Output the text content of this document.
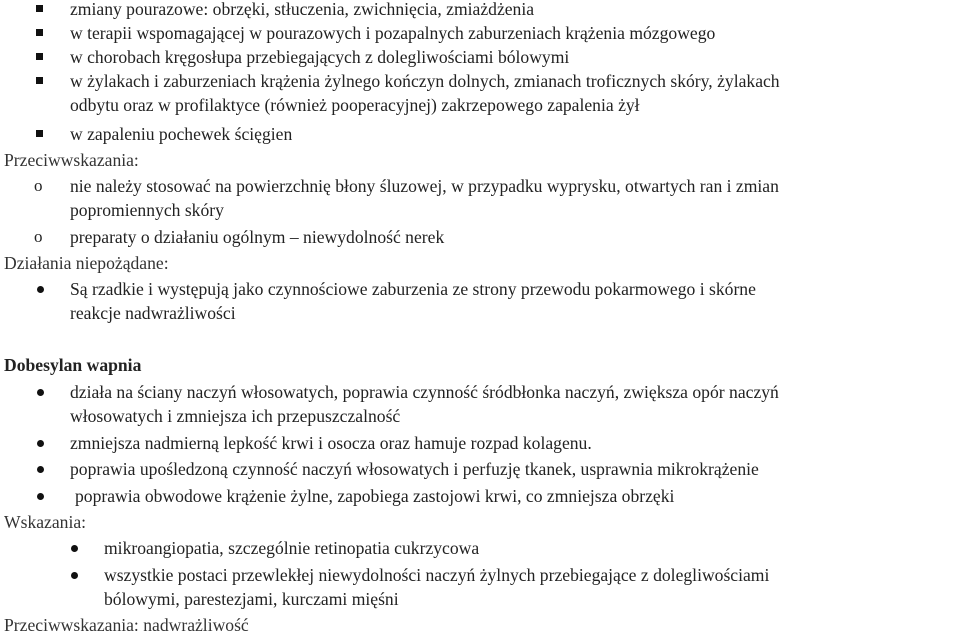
zmiany pourazowe: obrzęki, stłuczenia, zwichnięcia, zmiażdżenia
w terapii wspomagającej w pourazowych i pozapalnych zaburzeniach krążenia mózgowego
w chorobach kręgosłupa przebiegających z dolegliwościami bólowymi
w żylakach i zaburzeniach krążenia żylnego kończyn dolnych, zmianach troficznych skóry, żylakach
odbytu oraz w profilaktyce (również pooperacyjnej) zakrzepowego zapalenia żył
w zapaleniu pochewek ścięgien
Przeciwwskazania:
o nie należy stosować na powierzchnię błony śluzowej, w przypadku wyprysku, otwartych ran i zmian
popromiennych skóry
o preparaty o działaniu ogólnym – niewydolność nerek
Działania niepożądane:
Są rzadkie i występują jako czynnościowe zaburzenia ze strony przewodu pokarmowego i skórne
reakcje nadwrażliwości
Dobesylan wapnia
działa na ściany naczyń włosowatych, poprawia czynność śródbłonka naczyń, zwiększa opór naczyń
włosowatych i zmniejsza ich przepuszczalność
zmniejsza nadmierną lepkość krwi i osocza oraz hamuje rozpad kolagenu.
poprawia upośledzoną czynność naczyń włosowatych i perfuzję tkanek, usprawnia mikrokrążenie
poprawia obwodowe krążenie żylne, zapobiega zastojowi krwi, co zmniejsza obrzęki
Wskazania:
mikroangiopatia, szczególnie retinopatia cukrzycowa
wszystkie postaci przewlekłej niewydolności naczyń żylnych przebiegające z dolegliwościami
bólowymi, parestezjami, kurczami mięśni
Przeciwwskazania: nadwrażliwość
